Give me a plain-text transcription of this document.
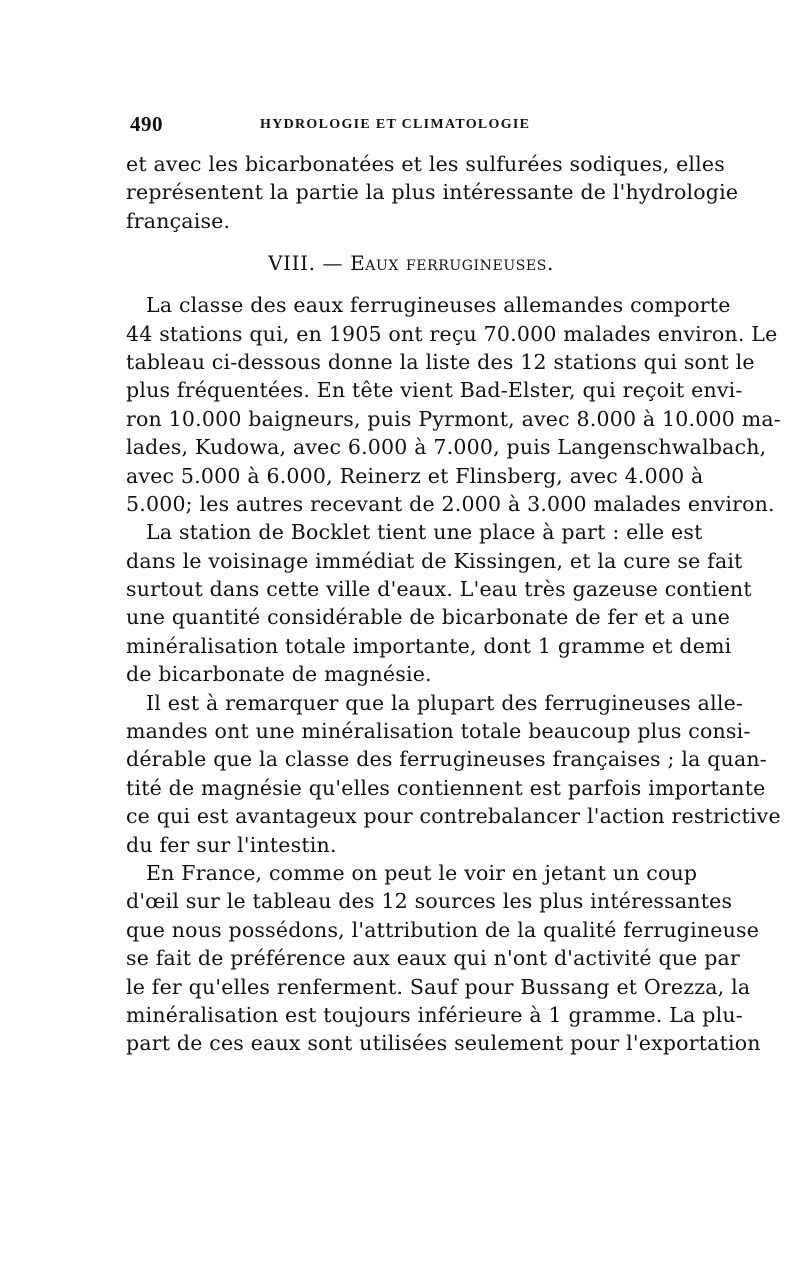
490	HYDROLOGIE ET CLIMATOLOGIE
et avec les bicarbonatées et les sulfurées sodiques, elles
représentent la partie la plus intéressante de l'hydrologie
française.
VIII. — Eaux ferrugineuses.
La classe des eaux ferrugineuses allemandes comporte
44 stations qui, en 1905 ont reçu 70.000 malades environ. Le
tableau ci-dessous donne la liste des 12 stations qui sont le
plus fréquentées. En tête vient Bad-Elster, qui reçoit envi-
ron 10.000 baigneurs, puis Pyrmont, avec 8.000 à 10.000 ma-
lades, Kudowa, avec 6.000 à 7.000, puis Langenschwalbach,
avec 5.000 à 6.000, Reinerz et Flinsberg, avec 4.000 à
5.000; les autres recevant de 2.000 à 3.000 malades environ.
La station de Bocklet tient une place à part : elle est
dans le voisinage immédiat de Kissingen, et la cure se fait
surtout dans cette ville d'eaux. L'eau très gazeuse contient
une quantité considérable de bicarbonate de fer et a une
minéralisation totale importante, dont 1 gramme et demi
de bicarbonate de magnésie.
Il est à remarquer que la plupart des ferrugineuses alle-
mandes ont une minéralisation totale beaucoup plus consi-
dérable que la classe des ferrugineuses françaises ; la quan-
tité de magnésie qu'elles contiennent est parfois importante
ce qui est avantageux pour contrebalancer l'action restrictive
du fer sur l'intestin.
En France, comme on peut le voir en jetant un coup
d'œil sur le tableau des 12 sources les plus intéressantes
que nous possédons, l'attribution de la qualité ferrugineuse
se fait de préférence aux eaux qui n'ont d'activité que par
le fer qu'elles renferment. Sauf pour Bussang et Orezza, la
minéralisation est toujours inférieure à 1 gramme. La plu-
part de ces eaux sont utilisées seulement pour l'exportation
